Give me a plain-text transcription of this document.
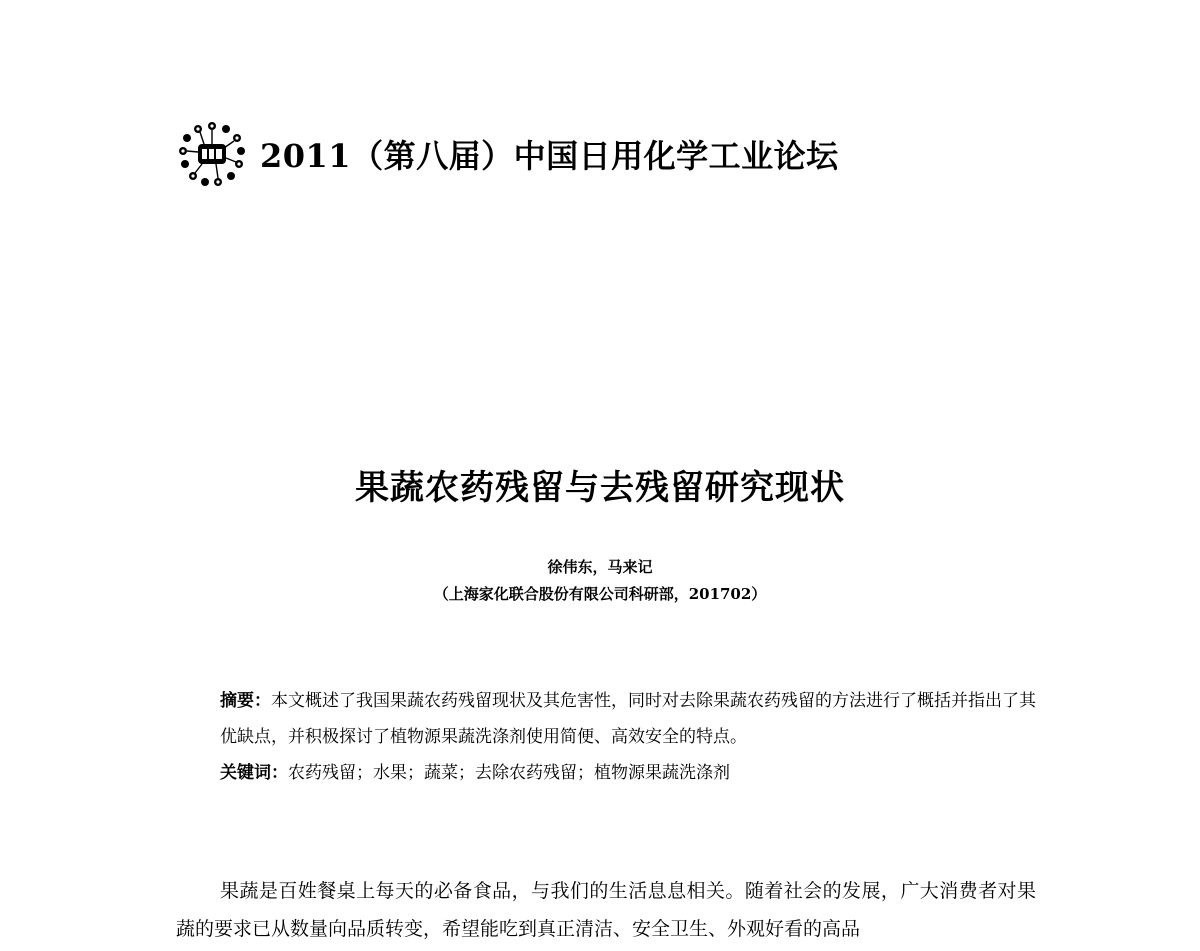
2011（第八届）中国日用化学工业论坛
果蔬农药残留与去残留研究现状
徐伟东，马来记
（上海家化联合股份有限公司科研部，201702）
摘要：本文概述了我国果蔬农药残留现状及其危害性，同时对去除果蔬农药残留的方法进行了概括并指出了其优缺点，并积极探讨了植物源果蔬洗涤剂使用简便、高效安全的特点。
关键词：农药残留；水果；蔬菜；去除农药残留；植物源果蔬洗涤剂

果蔬是百姓餐桌上每天的必备食品，与我们的生活息息相关。随着社会的发展，广大消费者对果蔬的要求已从数量向品质转变，希望能吃到真正清洁、安全卫生、外观好看的高品
